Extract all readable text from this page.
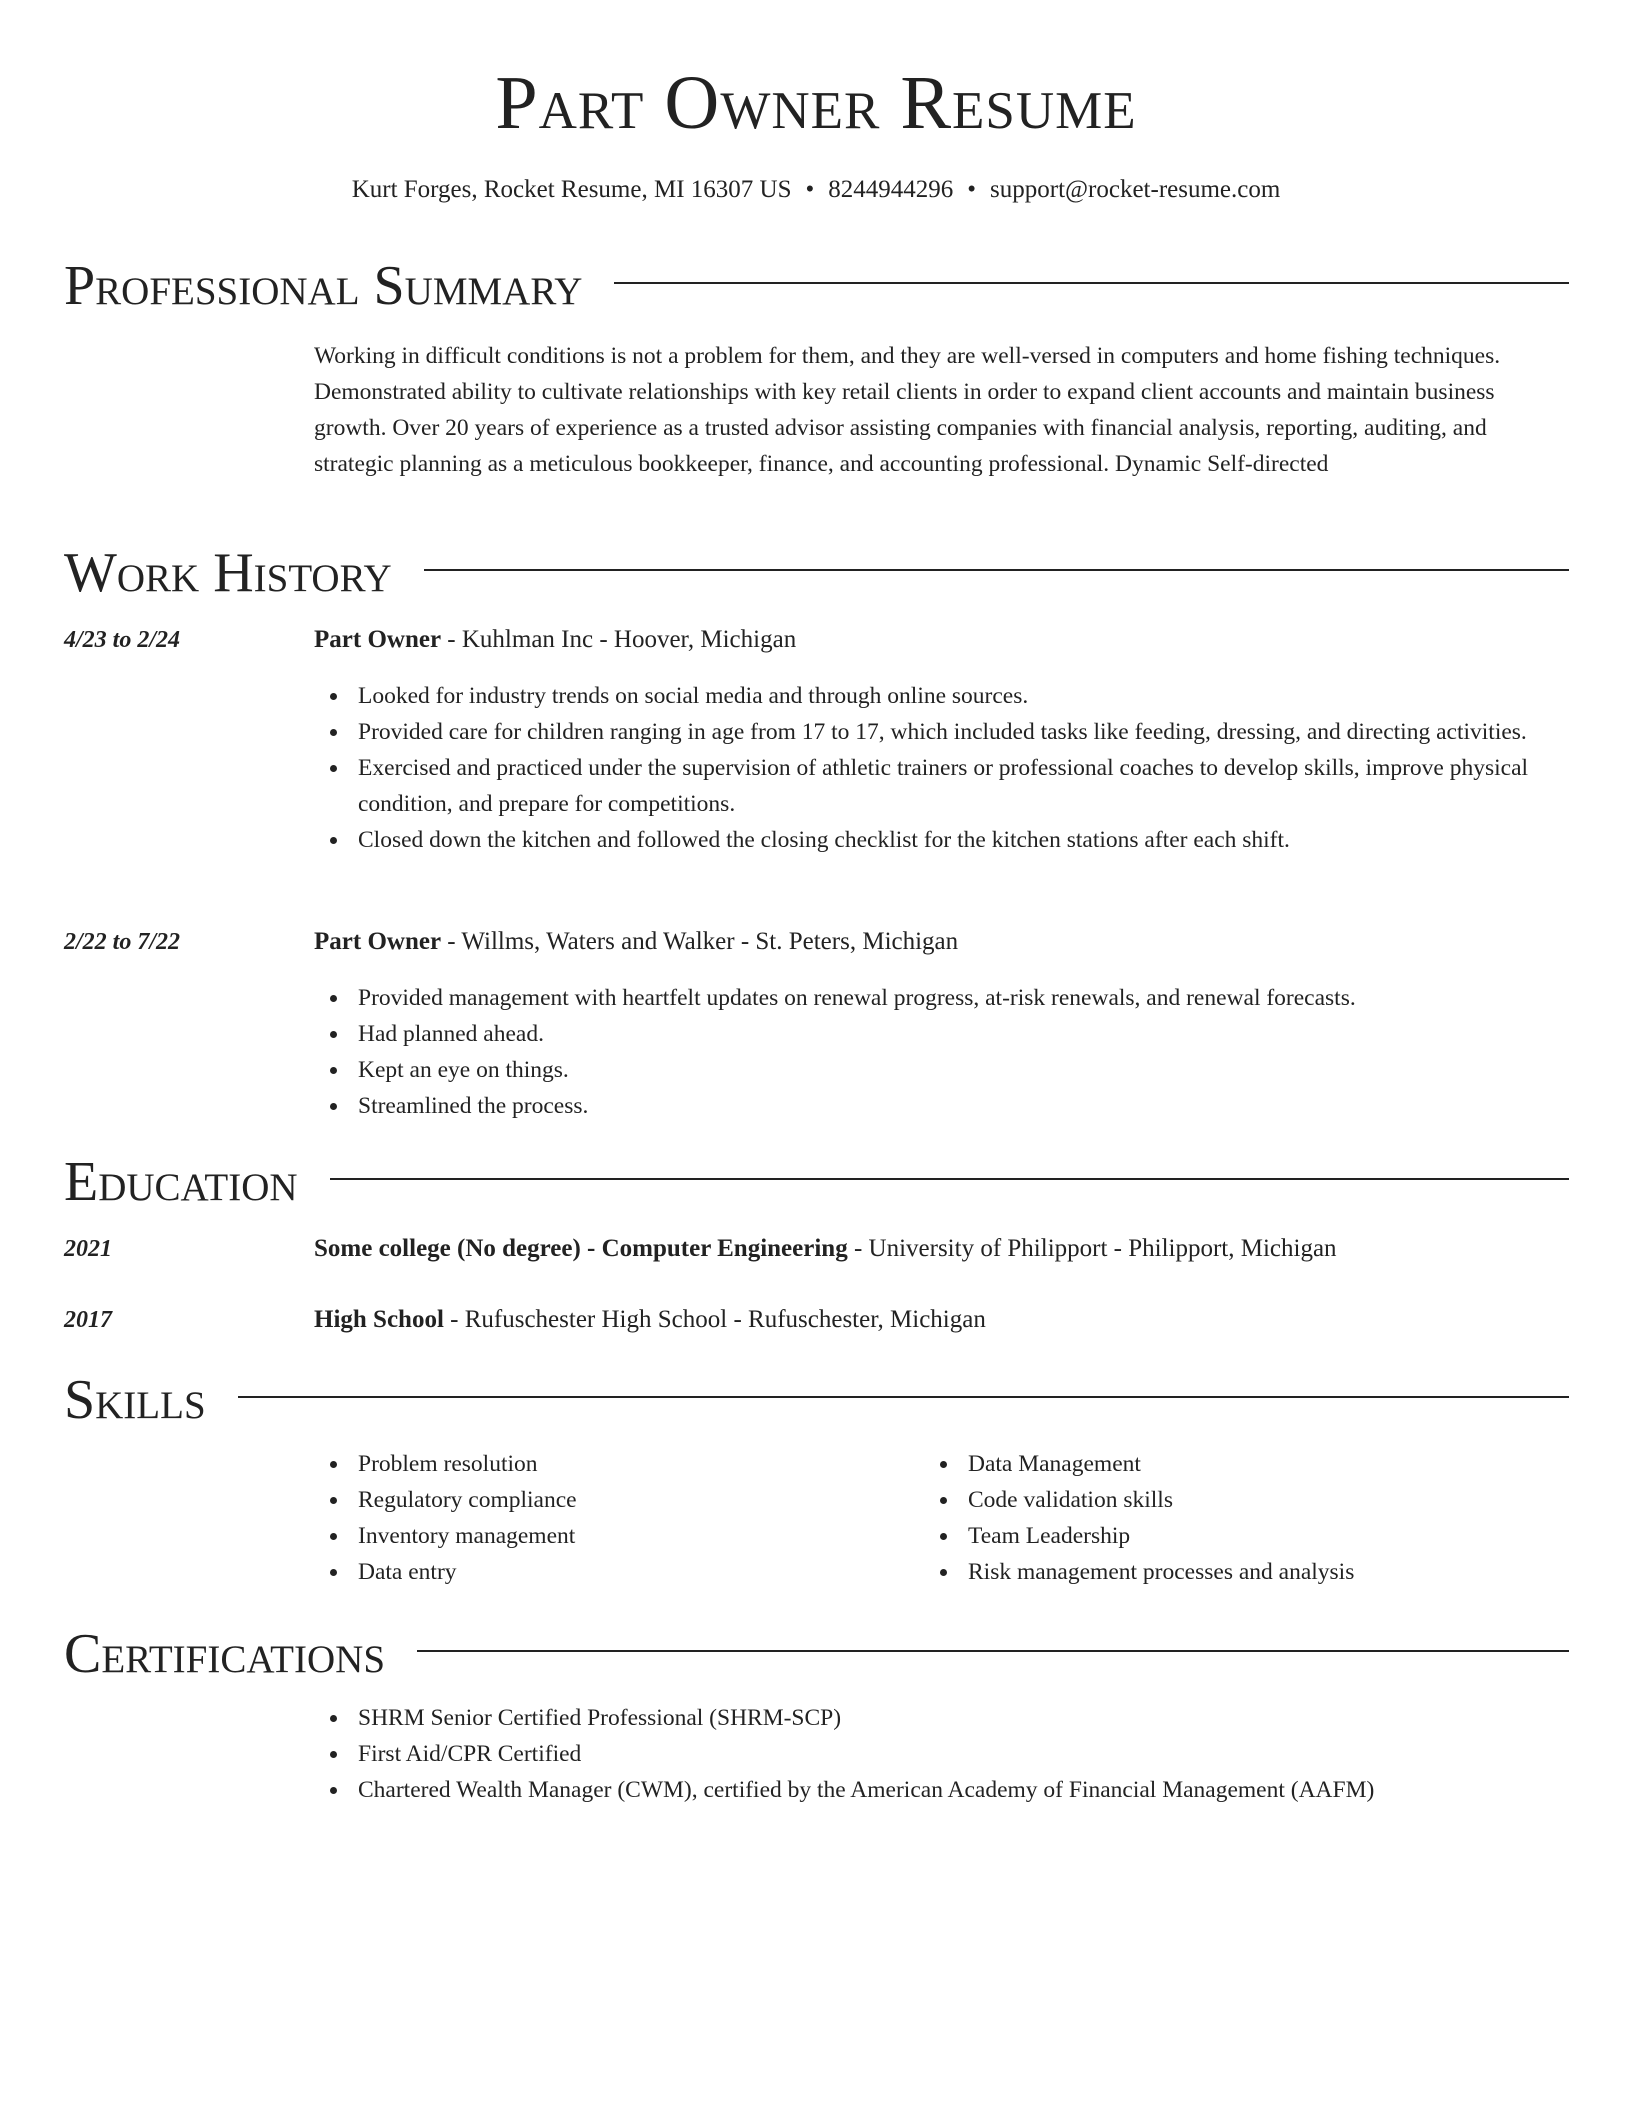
Part Owner Resume
Kurt Forges, Rocket Resume, MI 16307 US • 8244944296 • support@rocket-resume.com
Professional Summary
Working in difficult conditions is not a problem for them, and they are well-versed in computers and home fishing techniques. Demonstrated ability to cultivate relationships with key retail clients in order to expand client accounts and maintain business growth. Over 20 years of experience as a trusted advisor assisting companies with financial analysis, reporting, auditing, and strategic planning as a meticulous bookkeeper, finance, and accounting professional. Dynamic Self-directed
Work History
4/23 to 2/24	Part Owner - Kuhlman Inc - Hoover, Michigan
Looked for industry trends on social media and through online sources.
Provided care for children ranging in age from 17 to 17, which included tasks like feeding, dressing, and directing activities.
Exercised and practiced under the supervision of athletic trainers or professional coaches to develop skills, improve physical condition, and prepare for competitions.
Closed down the kitchen and followed the closing checklist for the kitchen stations after each shift.
2/22 to 7/22	Part Owner - Willms, Waters and Walker - St. Peters, Michigan
Provided management with heartfelt updates on renewal progress, at-risk renewals, and renewal forecasts.
Had planned ahead.
Kept an eye on things.
Streamlined the process.
Education
2021	Some college (No degree) - Computer Engineering - University of Philipport - Philipport, Michigan
2017	High School - Rufuschester High School - Rufuschester, Michigan
Skills
Problem resolution
Regulatory compliance
Inventory management
Data entry
Data Management
Code validation skills
Team Leadership
Risk management processes and analysis
Certifications
SHRM Senior Certified Professional (SHRM-SCP)
First Aid/CPR Certified
Chartered Wealth Manager (CWM), certified by the American Academy of Financial Management (AAFM)
